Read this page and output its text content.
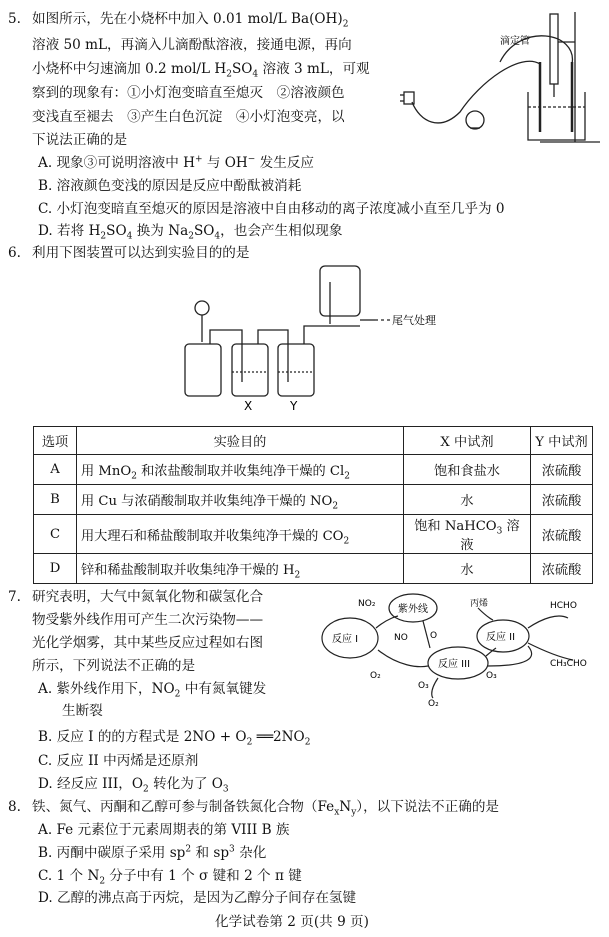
5. 如图所示，先在小烧杯中加入 0.01 mol/L $Ba(OH)_2$
溶液 50 mL，再滴入儿滴酚酞溶液，接通电源，再向
小烧杯中匀速滴加 0.2 mol/L $H_2SO_4$ 溶液 3 mL，可观
察到的现象有：①小灯泡变暗直至熄灭　②溶液颜色
变浅直至褪去　③产生白色沉淀　④小灯泡变亮，以
下说法正确的是
A. 现象③可说明溶液中 H+ 与 OH− 发生反应
B. 溶液颜色变浅的原因是反应中酚酞被消耗
C. 小灯泡变暗直至熄灭的原因是溶液中自由移动的离子浓度减小直至几乎为 0
D. 若将 $H_2SO_4$ 换为 $Na_2SO_4$，也会产生相似现象
滴定管
6. 利用下图装置可以达到实验目的的是
X	Y
尾气处理
选项	实验目的	X 中试剂	Y 中试剂
A	用 MnO$_2$ 和浓盐酸制取并收集纯净干燥的 $Cl_2$	饱和食盐水	浓硫酸
B	用 Cu 与浓硝酸制取并收集纯净干燥的 $NO_2$	水	浓硫酸
C	用大理石和稀盐酸制取并收集纯净干燥的 $CO_2$	饱和 NaHCO$_3$ 溶液	浓硫酸
D	锌和稀盐酸制取并收集纯净干燥的 $H_2$	水	浓硫酸
7. 研究表明，大气中氮氧化物和碳氢化合
物受紫外线作用可产生二次污染物——
光化学烟雾，其中某些反应过程如右图
所示，下列说法不正确的是
A. 紫外线作用下，$NO_2$ 中有氮氧键发
生断裂
B. 反应 I 的的方程式是 $2NO + O_2$ $══2NO_2$
C. 反应 II 中丙烯是还原剂
D. 经反应 III，$O_2$ 转化为了 $O_3$
紫外线
反应 I
反应 III
反应 II
NO₂
NO O
O₂
O₃
O₃
O₂
丙烯	HCHO
CH₃CHO
8. 铁、氮气、丙酮和乙醇可参与制备铁氮化合物$(Fe_xN_y)$，以下说法不正确的是
A. Fe 元素位于元素周期表的第 VIII B 族
B. 丙酮中碳原子采用 $sp^2$ 和 $sp^3$ 杂化
C. 1 个 $N_2$ 分子中有 1 个 σ 键和 2 个 π 键
D. 乙醇的沸点高于丙烷，是因为乙醇分子间存在氢键
化学试卷第 2 页(共 9 页)
